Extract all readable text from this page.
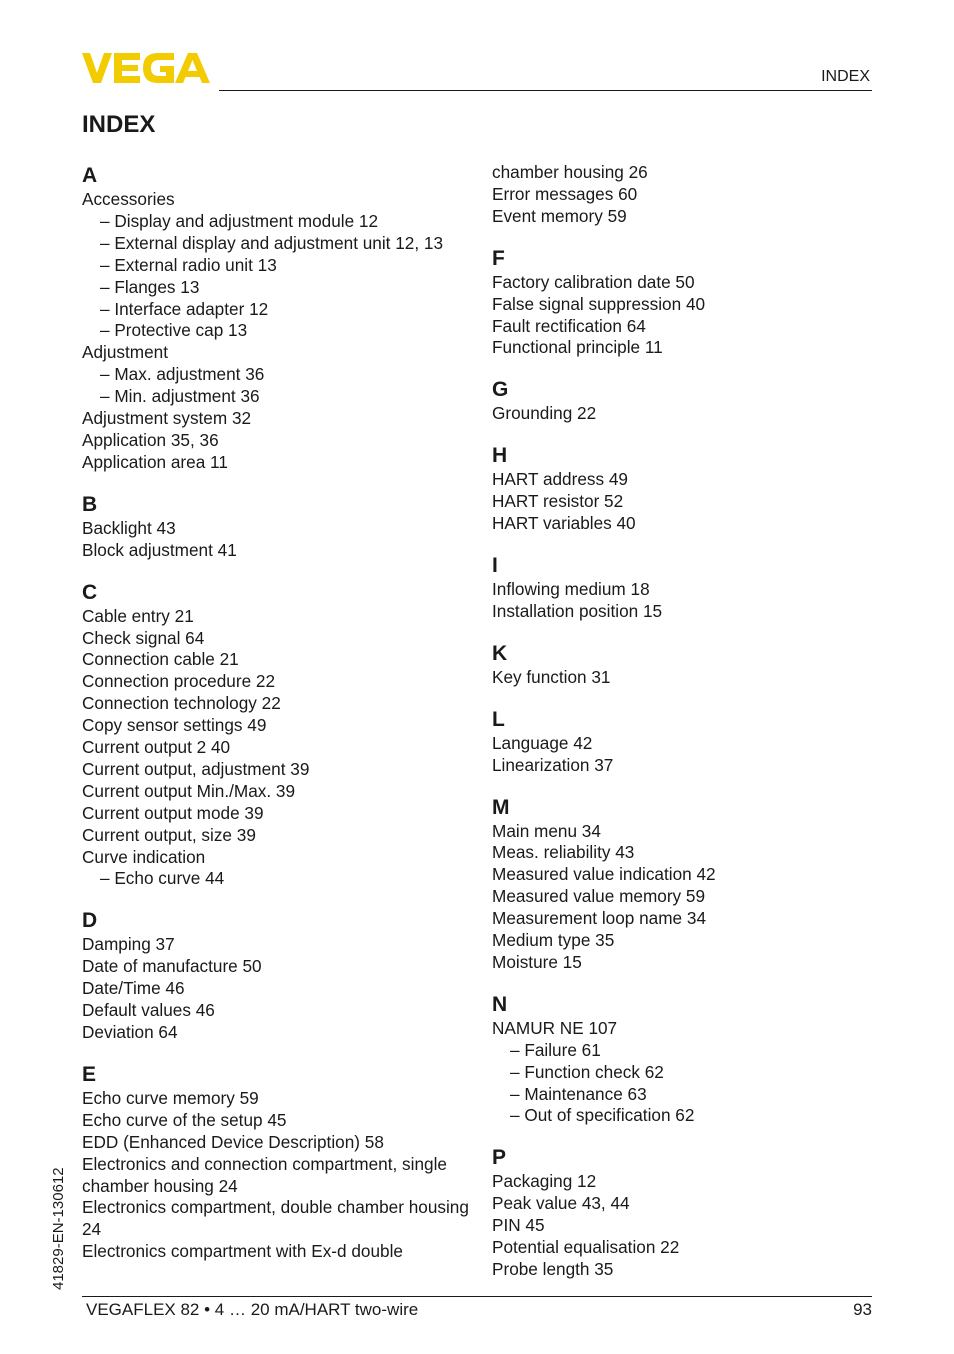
INDEX
INDEX
A
Accessories
– Display and adjustment module 12
– External display and adjustment unit 12, 13
– External radio unit 13
– Flanges 13
– Interface adapter 12
– Protective cap 13
Adjustment
– Max. adjustment 36
– Min. adjustment 36
Adjustment system 32
Application 35, 36
Application area 11
B
Backlight 43
Block adjustment 41
C
Cable entry 21
Check signal 64
Connection cable 21
Connection procedure 22
Connection technology 22
Copy sensor settings 49
Current output 2 40
Current output, adjustment 39
Current output Min./Max. 39
Current output mode 39
Current output, size 39
Curve indication
– Echo curve 44
D
Damping 37
Date of manufacture 50
Date/Time 46
Default values 46
Deviation 64
E
Echo curve memory 59
Echo curve of the setup 45
EDD (Enhanced Device Description) 58
Electronics and connection compartment, single chamber housing 24
Electronics compartment, double chamber housing 24
Electronics compartment with Ex-d double
chamber housing 26
Error messages 60
Event memory 59
F
Factory calibration date 50
False signal suppression 40
Fault rectification 64
Functional principle 11
G
Grounding 22
H
HART address 49
HART resistor 52
HART variables 40
I
Inflowing medium 18
Installation position 15
K
Key function 31
L
Language 42
Linearization 37
M
Main menu 34
Meas. reliability 43
Measured value indication 42
Measured value memory 59
Measurement loop name 34
Medium type 35
Moisture 15
N
NAMUR NE 107
– Failure 61
– Function check 62
– Maintenance 63
– Out of specification 62
P
Packaging 12
Peak value 43, 44
PIN 45
Potential equalisation 22
Probe length 35
41829-EN-130612
VEGAFLEX 82 • 4 … 20 mA/HART two-wire	93
